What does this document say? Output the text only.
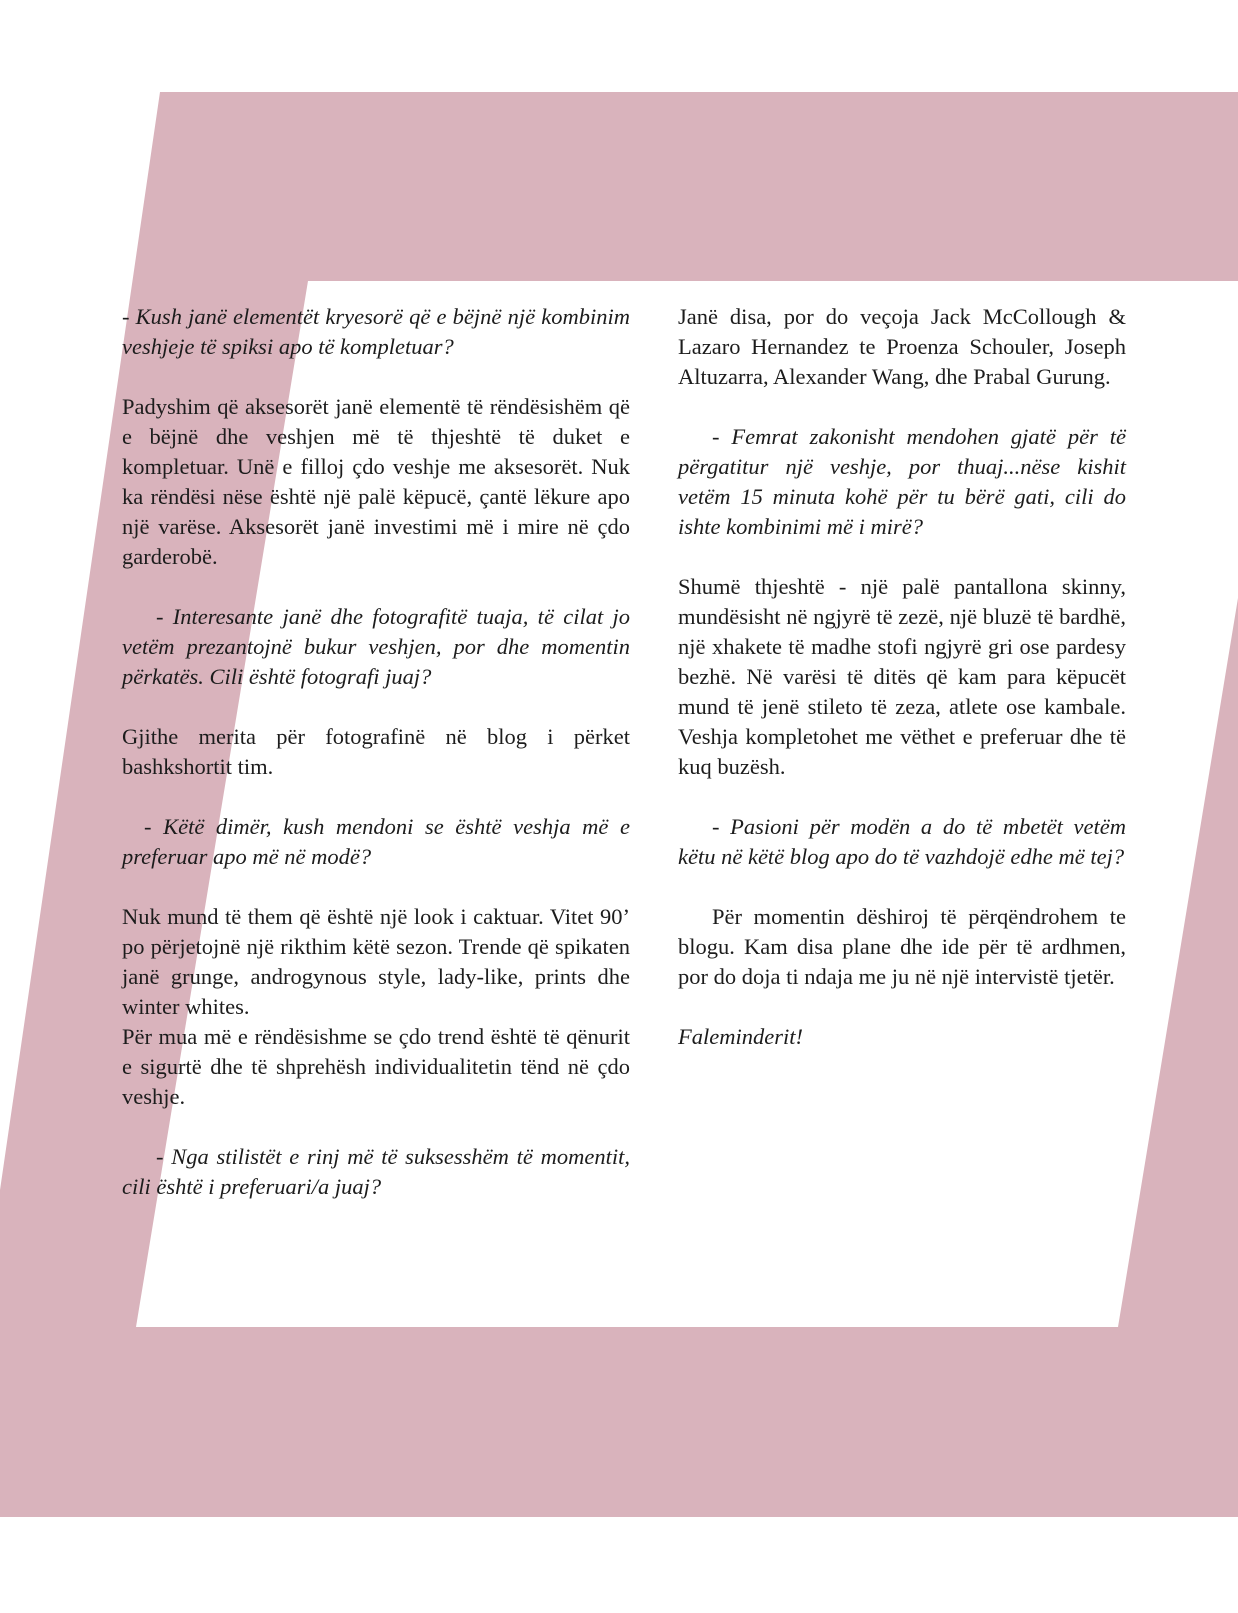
- Kush janë elementët kryesorë që e bëjnë një kombinim veshjeje të spiksi apo të kompletuar?

Padyshim që aksesorët janë elementë të rëndësishëm që e bëjnë dhe veshjen më të thjeshtë të duket e kompletuar. Unë e filloj çdo veshje me aksesorët. Nuk ka rëndësi nëse është një palë këpucë, çantë lëkure apo një varëse. Aksesorët janë investimi më i mire në çdo garderobë.

- Interesante janë dhe fotografitë tuaja, të cilat jo vetëm prezantojnë bukur veshjen, por dhe momentin përkatës. Cili është fotografi juaj?

Gjithe merita për fotografinë në blog i përket bashkshortit tim.

- Këtë dimër, kush mendoni se është veshja më e preferuar apo më në modë?

Nuk mund të them që është një look i caktuar. Vitet 90’ po përjetojnë një rikthim këtë sezon. Trende që spikaten janë grunge, androgynous style, lady-like, prints dhe winter whites.

Për mua më e rëndësishme se çdo trend është të qënurit e sigurtë dhe të shprehësh individualitetin tënd në çdo veshje.

- Nga stilistët e rinj më të suksesshëm të momentit, cili është i preferuari/a juaj?

Janë disa, por do veçoja Jack McCollough & Lazaro Hernandez te Proenza Schouler, Joseph Altuzarra, Alexander Wang, dhe Prabal Gurung.

- Femrat zakonisht mendohen gjatë për të përgatitur një veshje, por thuaj...nëse kishit vetëm 15 minuta kohë për tu bërë gati, cili do ishte kombinimi më i mirë?

Shumë thjeshtë - një palë pantallona skinny, mundësisht në ngjyrë të zezë, një bluzë të bardhë, një xhakete të madhe stofi ngjyrë gri ose pardesy bezhë. Në varësi të ditës që kam para këpucët mund të jenë stileto të zeza, atlete ose kambale. Veshja kompletohet me vëthet e preferuar dhe të kuq buzësh.

- Pasioni për modën a do të mbetët vetëm këtu në këtë blog apo do të vazhdojë edhe më tej?

Për momentin dëshiroj të përqëndrohem te blogu. Kam disa plane dhe ide për të ardhmen, por do doja ti ndaja me ju në një intervistë tjetër.

Faleminderit!
